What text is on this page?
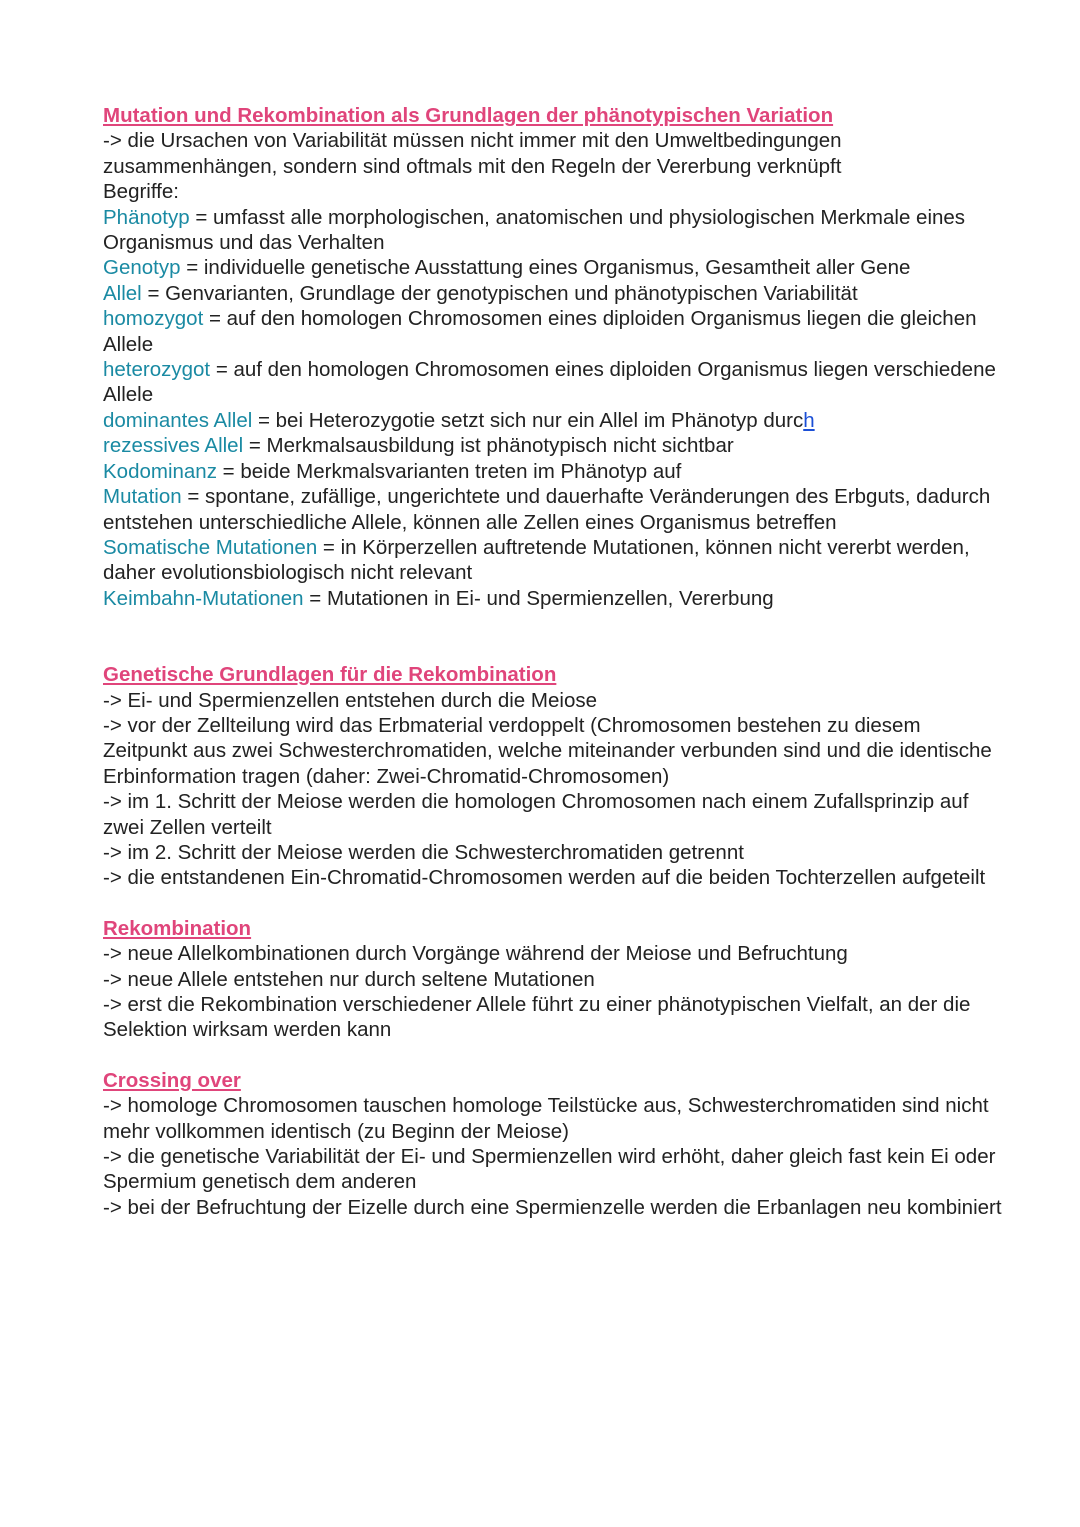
Mutation und Rekombination als Grundlagen der phänotypischen Variation
-> die Ursachen von Variabilität müssen nicht immer mit den Umweltbedingungen zusammenhängen, sondern sind oftmals mit den Regeln der Vererbung verknüpft
Begriffe:
Phänotyp = umfasst alle morphologischen, anatomischen und physiologischen Merkmale eines Organismus und das Verhalten
Genotyp = individuelle genetische Ausstattung eines Organismus, Gesamtheit aller Gene
Allel = Genvarianten, Grundlage der genotypischen und phänotypischen Variabilität
homozygot = auf den homologen Chromosomen eines diploiden Organismus liegen die gleichen Allele
heterozygot = auf den homologen Chromosomen eines diploiden Organismus liegen verschiedene Allele
dominantes Allel = bei Heterozygotie setzt sich nur ein Allel im Phänotyp durch
rezessives Allel = Merkmalsausbildung ist phänotypisch nicht sichtbar
Kodominanz = beide Merkmalsvarianten treten im Phänotyp auf
Mutation = spontane, zufällige, ungerichtete und dauerhafte Veränderungen des Erbguts, dadurch entstehen unterschiedliche Allele, können alle Zellen eines Organismus betreffen
Somatische Mutationen = in Körperzellen auftretende Mutationen, können nicht vererbt werden, daher evolutionsbiologisch nicht relevant
Keimbahn-Mutationen = Mutationen in Ei- und Spermienzellen, Vererbung
Genetische Grundlagen für die Rekombination
-> Ei- und Spermienzellen entstehen durch die Meiose
-> vor der Zellteilung wird das Erbmaterial verdoppelt (Chromosomen bestehen zu diesem Zeitpunkt aus zwei Schwesterchromatiden, welche miteinander verbunden sind und die identische Erbinformation tragen (daher: Zwei-Chromatid-Chromosomen)
-> im 1. Schritt der Meiose werden die homologen Chromosomen nach einem Zufallsprinzip auf zwei Zellen verteilt
-> im 2. Schritt der Meiose werden die Schwesterchromatiden getrennt
-> die entstandenen Ein-Chromatid-Chromosomen werden auf die beiden Tochterzellen aufgeteilt
Rekombination
-> neue Allelkombinationen durch Vorgänge während der Meiose und Befruchtung
-> neue Allele entstehen nur durch seltene Mutationen
-> erst die Rekombination verschiedener Allele führt zu einer phänotypischen Vielfalt, an der die Selektion wirksam werden kann
Crossing over
-> homologe Chromosomen tauschen homologe Teilstücke aus, Schwesterchromatiden sind nicht mehr vollkommen identisch (zu Beginn der Meiose)
-> die genetische Variabilität der Ei- und Spermienzellen wird erhöht, daher gleich fast kein Ei oder Spermium genetisch dem anderen
-> bei der Befruchtung der Eizelle durch eine Spermienzelle werden die Erbanlagen neu kombiniert
